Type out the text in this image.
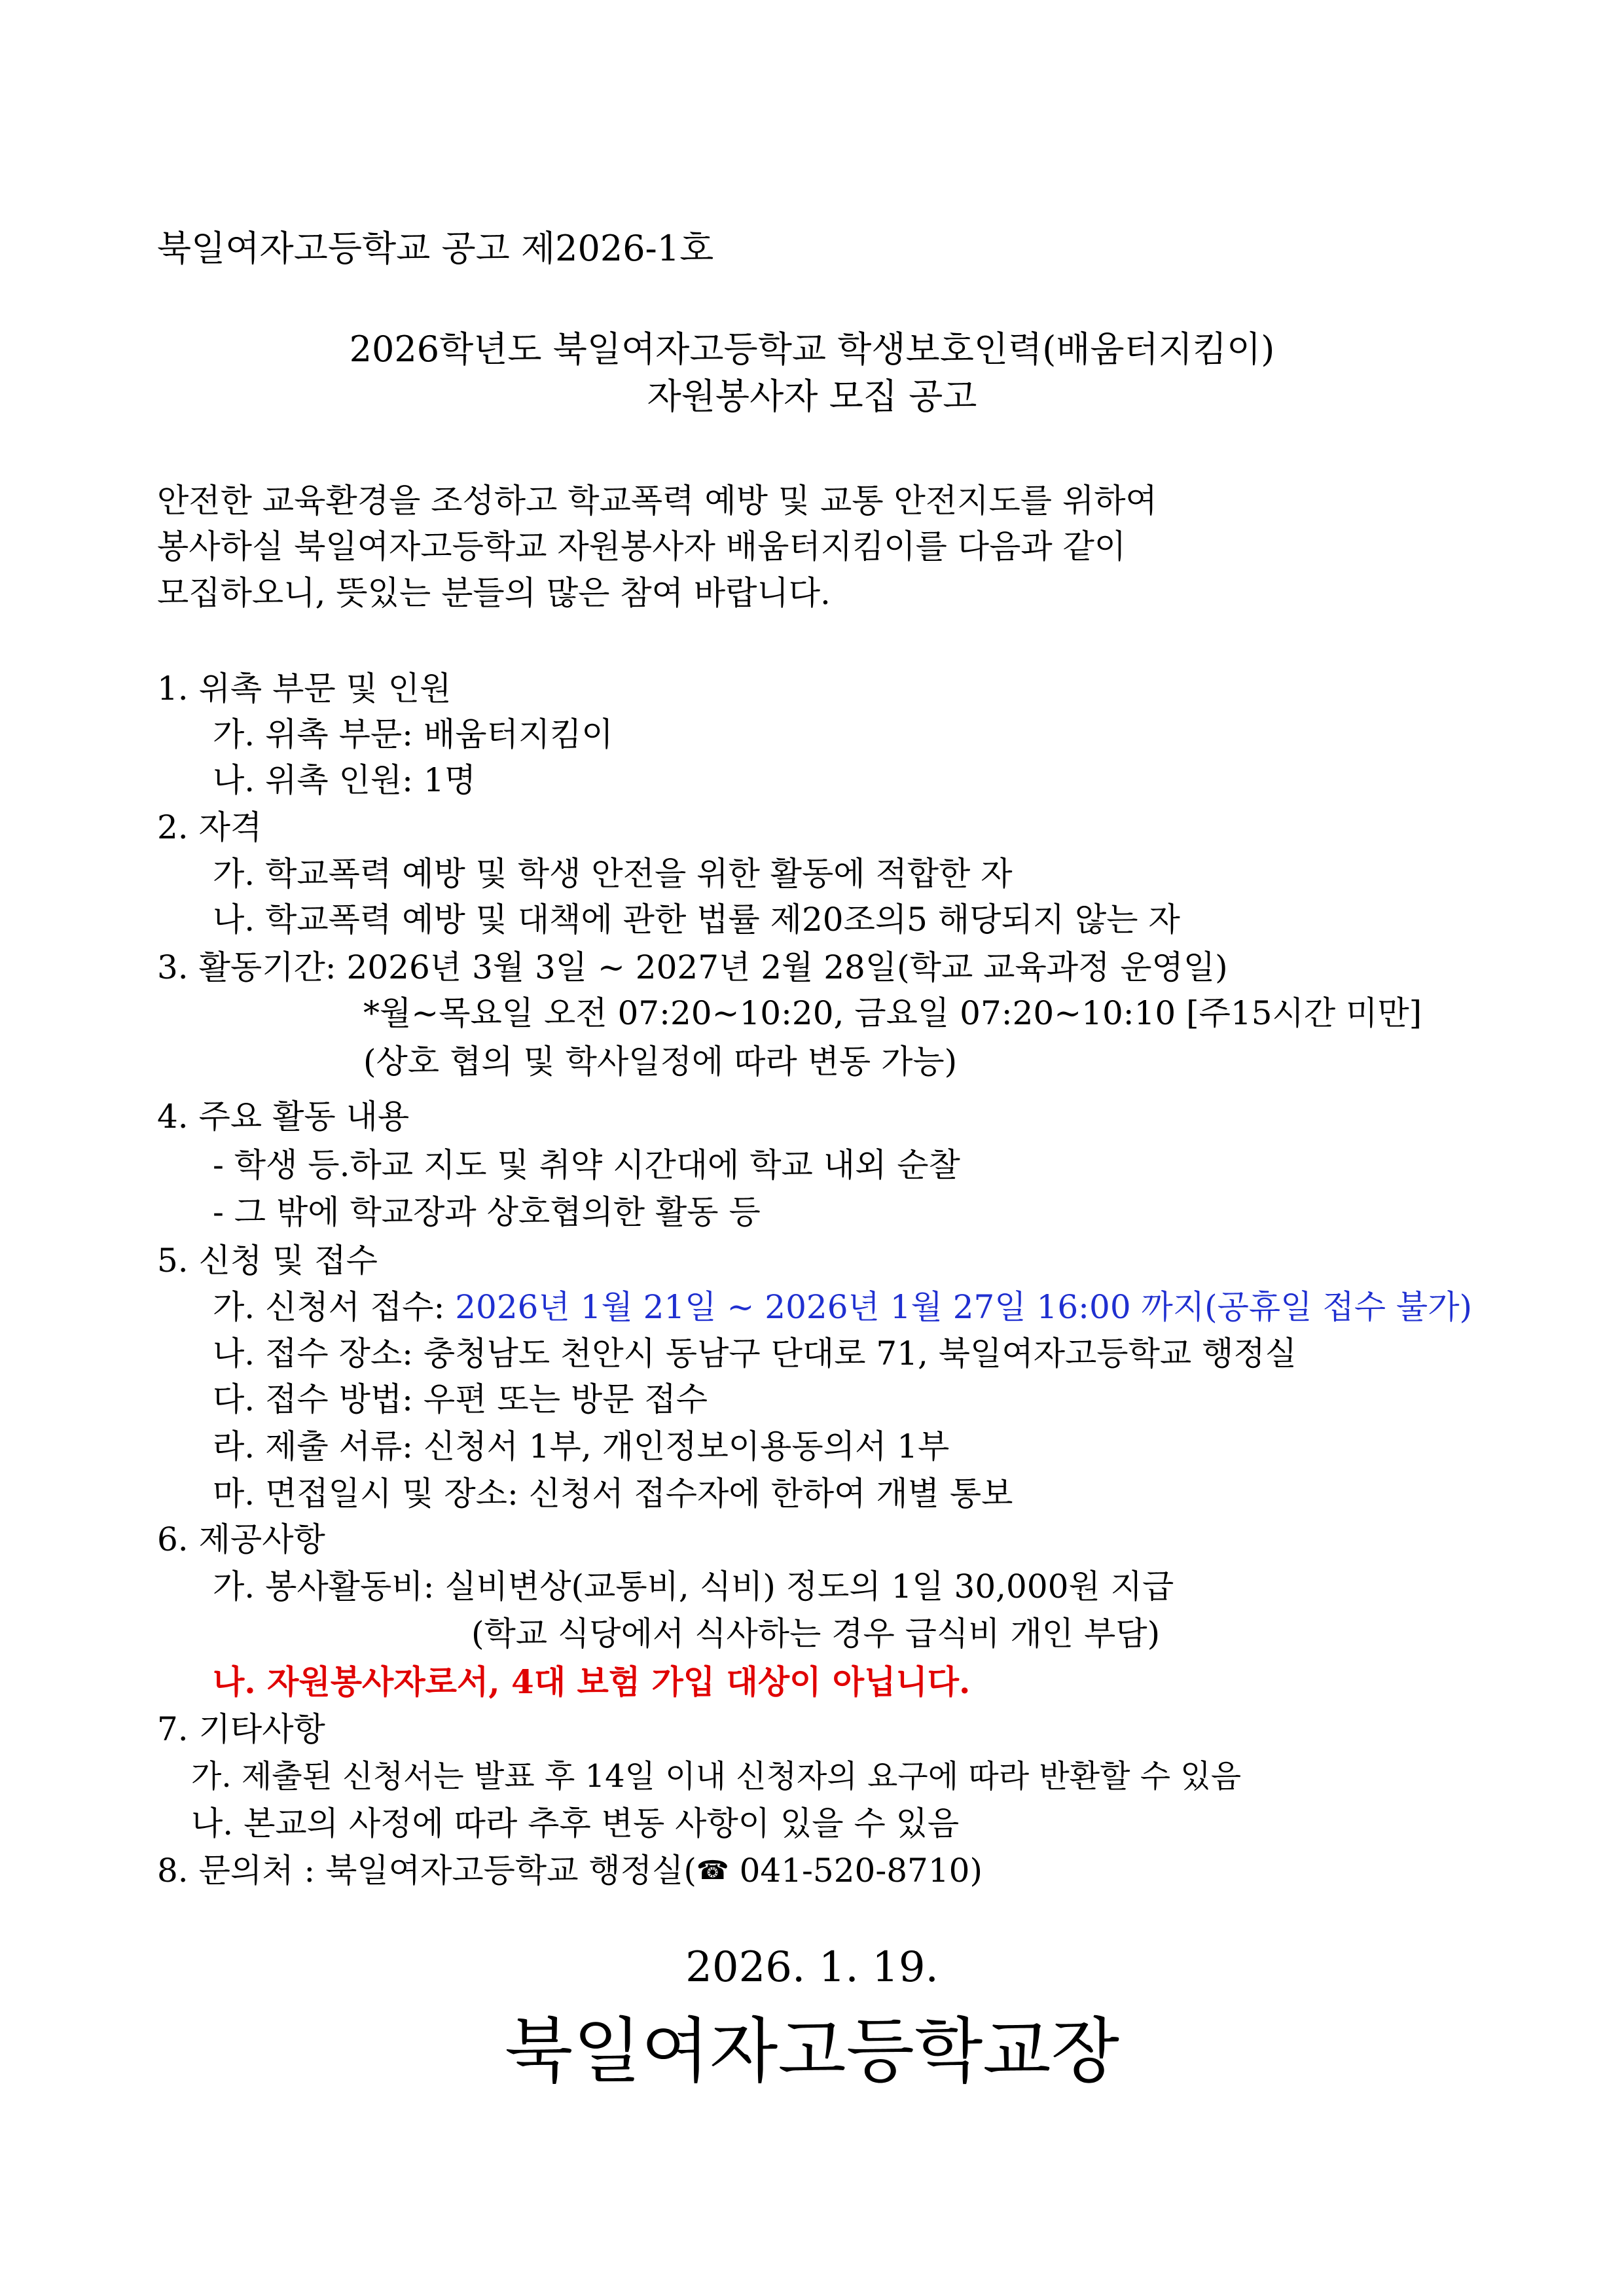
북일여자고등학교 공고 제2026-1호
2026학년도 북일여자고등학교 학생보호인력(배움터지킴이)
자원봉사자 모집 공고
안전한 교육환경을 조성하고 학교폭력 예방 및 교통 안전지도를 위하여
봉사하실 북일여자고등학교 자원봉사자 배움터지킴이를 다음과 같이
모집하오니, 뜻있는 분들의 많은 참여 바랍니다.
1. 위촉 부문 및 인원
가. 위촉 부문: 배움터지킴이
나. 위촉 인원: 1명
2. 자격
가. 학교폭력 예방 및 학생 안전을 위한 활동에 적합한 자
나. 학교폭력 예방 및 대책에 관한 법률 제20조의5 해당되지 않는 자
3. 활동기간: 2026년 3월 3일 ~ 2027년 2월 28일(학교 교육과정 운영일)
*월~목요일 오전 07:20~10:20, 금요일 07:20~10:10 [주15시간 미만]
(상호 협의 및 학사일정에 따라 변동 가능)
4. 주요 활동 내용
- 학생 등.하교 지도 및 취약 시간대에 학교 내외 순찰
- 그 밖에 학교장과 상호협의한 활동 등
5. 신청 및 접수
가. 신청서 접수: 2026년 1월 21일 ~ 2026년 1월 27일 16:00 까지(공휴일 접수 불가)
나. 접수 장소: 충청남도 천안시 동남구 단대로 71, 북일여자고등학교 행정실
다. 접수 방법: 우편 또는 방문 접수
라. 제출 서류: 신청서 1부, 개인정보이용동의서 1부
마. 면접일시 및 장소: 신청서 접수자에 한하여 개별 통보
6. 제공사항
가. 봉사활동비: 실비변상(교통비, 식비) 정도의 1일 30,000원 지급
(학교 식당에서 식사하는 경우 급식비 개인 부담)
나. 자원봉사자로서, 4대 보험 가입 대상이 아닙니다.
7. 기타사항
가. 제출된 신청서는 발표 후 14일 이내 신청자의 요구에 따라 반환할 수 있음
나. 본교의 사정에 따라 추후 변동 사항이 있을 수 있음
8. 문의처 : 북일여자고등학교 행정실(☎ 041-520-8710)
2026. 1. 19.
북일여자고등학교장
